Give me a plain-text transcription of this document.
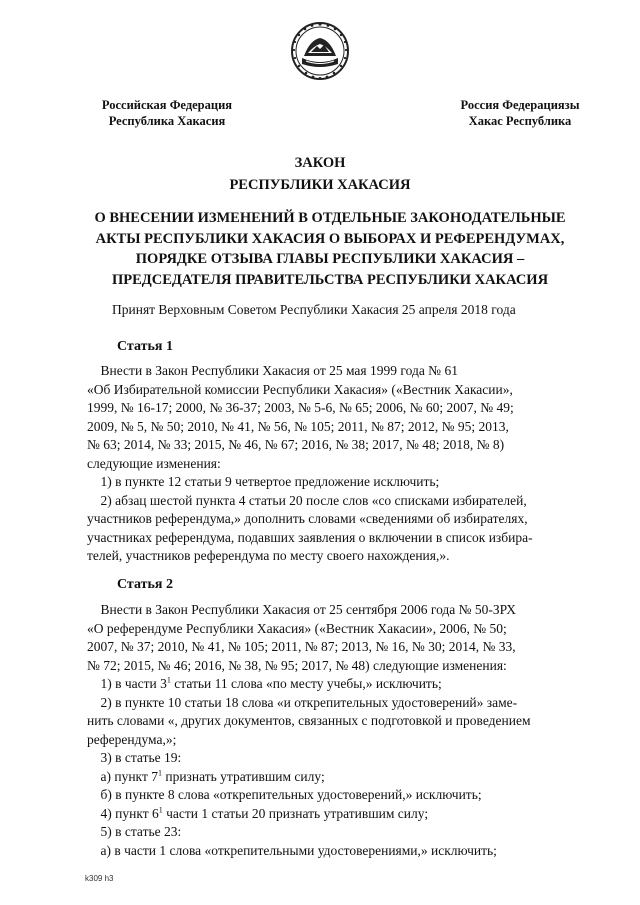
Российская Федерация
Республика Хакасия
Россия Федерациязы
Хакас Республика
ЗАКОН
РЕСПУБЛИКИ ХАКАСИЯ
О ВНЕСЕНИИ ИЗМЕНЕНИЙ В ОТДЕЛЬНЫЕ ЗАКОНОДАТЕЛЬНЫЕ
АКТЫ РЕСПУБЛИКИ ХАКАСИЯ О ВЫБОРАХ И РЕФЕРЕНДУМАХ,
ПОРЯДКЕ ОТЗЫВА ГЛАВЫ РЕСПУБЛИКИ ХАКАСИЯ –
ПРЕДСЕДАТЕЛЯ ПРАВИТЕЛЬСТВА РЕСПУБЛИКИ ХАКАСИЯ
Принят Верховным Советом Республики Хакасия 25 апреля 2018 года
Статья 1
Внести в Закон Республики Хакасия от 25 мая 1999 года № 61
«Об Избирательной комиссии Республики Хакасия» («Вестник Хакасии»,
1999, № 16-17; 2000, № 36-37; 2003, № 5-6, № 65; 2006, № 60; 2007, № 49;
2009, № 5, № 50; 2010, № 41, № 56, № 105; 2011, № 87; 2012, № 95; 2013,
№ 63; 2014, № 33; 2015, № 46, № 67; 2016, № 38; 2017, № 48; 2018, № 8)
следующие изменения:
1) в пункте 12 статьи 9 четвертое предложение исключить;
2) абзац шестой пункта 4 статьи 20 после слов «со списками избирателей,
участников референдума,» дополнить словами «сведениями об избирателях,
участниках референдума, подавших заявления о включении в список избира-
телей, участников референдума по месту своего нахождения,».
Статья 2
Внести в Закон Республики Хакасия от 25 сентября 2006 года № 50-ЗРХ
«О референдуме Республики Хакасия» («Вестник Хакасии», 2006, № 50;
2007, № 37; 2010, № 41, № 105; 2011, № 87; 2013, № 16, № 30; 2014, № 33,
№ 72; 2015, № 46; 2016, № 38, № 95; 2017, № 48) следующие изменения:
1) в части $3^1$ статьи 11 слова «по месту учебы,» исключить;
2) в пункте 10 статьи 18 слова «и открепительных удостоверений» заме-
нить словами «, других документов, связанных с подготовкой и проведением
референдума,»;
3) в статье 19:
а) пункт $7^1$ признать утратившим силу;
б) в пункте 8 слова «открепительных удостоверений,» исключить;
4) пункт $6^1$ части 1 статьи 20 признать утратившим силу;
5) в статье 23:
а) в части 1 слова «открепительными удостоверениями,» исключить;
k309 h3
